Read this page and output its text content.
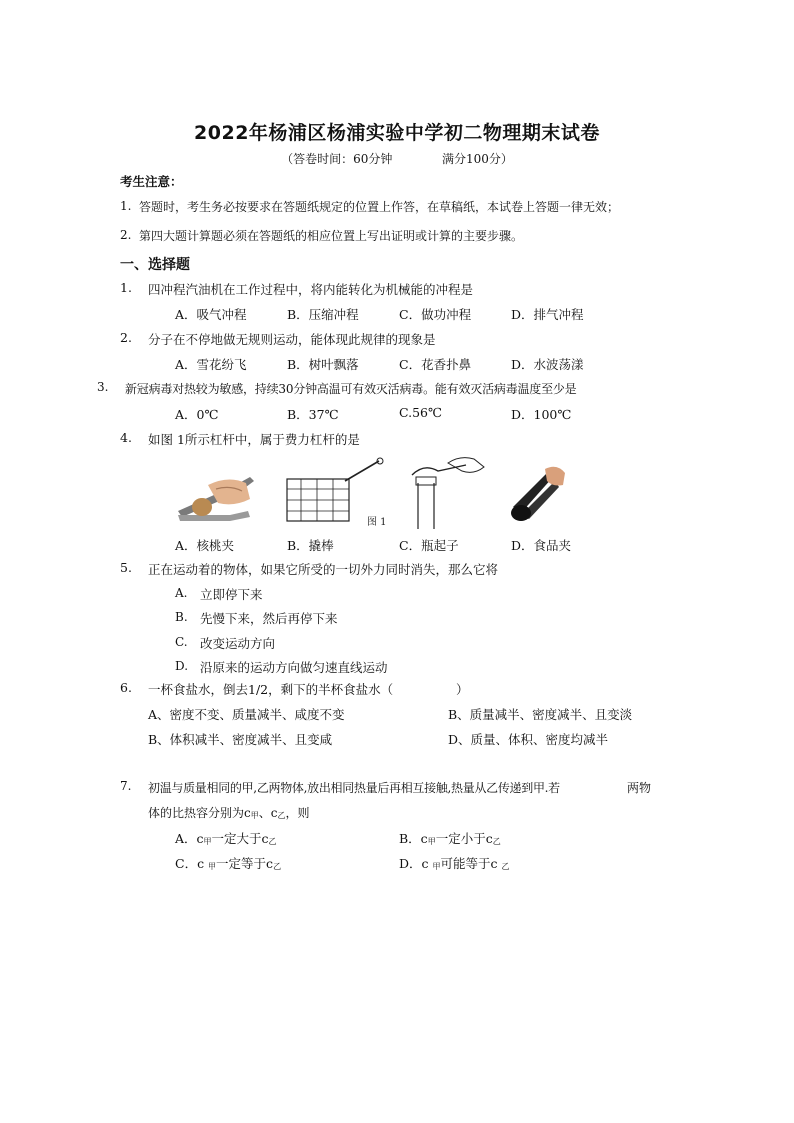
2022年杨浦区杨浦实验中学初二物理期末试卷
（答卷时间：60分钟	满分100分）
考生注意：
1. 答题时，考生务必按要求在答题纸规定的位置上作答，在草稿纸，本试卷上答题一律无效；
2. 第四大题计算题必须在答题纸的相应位置上写出证明或计算的主要步骤。
一、选择题
1. 四冲程汽油机在工作过程中，将内能转化为机械能的冲程是
A．吸气冲程	B．压缩冲程	C．做功冲程	D．排气冲程
2. 分子在不停地做无规则运动，能体现此规律的现象是
A．雪花纷飞	B．树叶飘落	C．花香扑鼻	D．水波荡漾
3. 新冠病毒对热较为敏感，持续30分钟高温可有效灭活病毒。能有效灭活病毒温度至少是
A．0℃	B．37℃	C.56℃	D．100℃
4. 如图 1所示杠杆中，属于费力杠杆的是
图 1
A．核桃夹	B．撬棒	C．瓶起子	D．食品夹
5. 正在运动着的物体，如果它所受的一切外力同时消失，那么它将
A. 立即停下来
B. 先慢下来，然后再停下来
C. 改变运动方向
D. 沿原来的运动方向做匀速直线运动
6. 一杯食盐水，倒去1/2，剩下的半杯食盐水（	）
A、密度不变、质量减半、咸度不变	B、质量减半、密度减半、且变淡
B、体积减半、密度减半、且变咸	D、质量、体积、密度均减半
7. 初温与质量相同的甲,乙两物体,放出相同热量后再相互接触,热量从乙传递到甲.若	两物
体的比热容分别为c甲、c乙，则
A．c甲一定大于c乙	B．c甲一定小于c乙
C．c 甲一定等于c乙	D．c 甲可能等于c 乙
